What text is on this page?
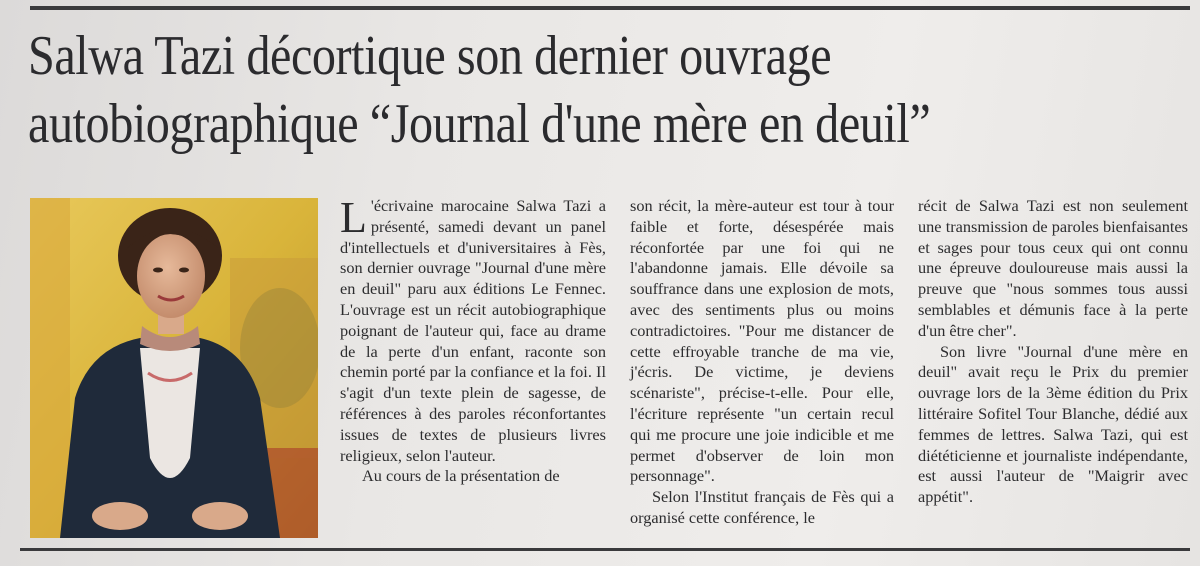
Salwa Tazi décortique son dernier ouvrage
autobiographique “Journal d'une mère en deuil”

L 'écrivaine marocaine Salwa Tazi a présenté, samedi devant un panel d'intellectuels et d'universitaires à Fès, son dernier ouvrage "Journal d'une mère en deuil" paru aux éditions Le Fennec. L'ouvrage est un récit autobiographique poignant de l'auteur qui, face au drame de la perte d'un enfant, raconte son chemin porté par la confiance et la foi. Il s'agit d'un texte plein de sagesse, de références à des paroles réconfortantes issues de textes de plusieurs livres religieux, selon l'auteur.

Au cours de la présentation de

son récit, la mère-auteur est tour à tour faible et forte, désespérée mais réconfortée par une foi qui ne l'abandonne jamais. Elle dévoile sa souffrance dans une explosion de mots, avec des sentiments plus ou moins contradictoires. "Pour me distancer de cette effroyable tranche de ma vie, j'écris. De victime, je deviens scénariste", précise-t-elle. Pour elle, l'écriture représente "un certain recul qui me procure une joie indicible et me permet d'observer de loin mon personnage".

Selon l'Institut français de Fès qui a organisé cette conférence, le

récit de Salwa Tazi est non seulement une transmission de paroles bienfaisantes et sages pour tous ceux qui ont connu une épreuve douloureuse mais aussi la preuve que "nous sommes tous aussi semblables et démunis face à la perte d'un être cher".

Son livre "Journal d'une mère en deuil" avait reçu le Prix du premier ouvrage lors de la 3ème édition du Prix littéraire Sofitel Tour Blanche, dédié aux femmes de lettres. Salwa Tazi, qui est diététicienne et journaliste indépendante, est aussi l'auteur de "Maigrir avec appétit".
